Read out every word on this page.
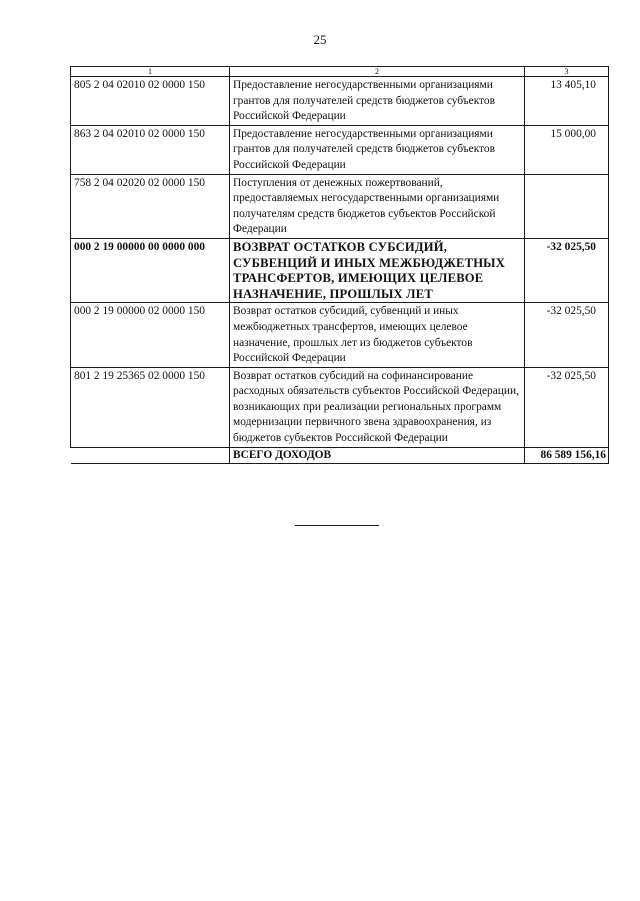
25
1	2	3
805 2 04 02010 02 0000 150	Предоставление негосударственными организациями грантов для получателей средств бюджетов субъектов Российской Федерации	13 405,10
863 2 04 02010 02 0000 150	Предоставление негосударственными организациями грантов для получателей средств бюджетов субъектов Российской Федерации	15 000,00
758 2 04 02020 02 0000 150	Поступления от денежных пожертвований, предоставляемых негосударственными организациями получателям средств бюджетов субъектов Российской Федерации	
000 2 19 00000 00 0000 000	ВОЗВРАТ ОСТАТКОВ СУБСИДИЙ, СУБВЕНЦИЙ И ИНЫХ МЕЖБЮДЖЕТНЫХ ТРАНСФЕРТОВ, ИМЕЮЩИХ ЦЕЛЕВОЕ НАЗНАЧЕНИЕ, ПРОШЛЫХ ЛЕТ	-32 025,50
000 2 19 00000 02 0000 150	Возврат остатков субсидий, субвенций и иных межбюджетных трансфертов, имеющих целевое назначение, прошлых лет из бюджетов субъектов Российской Федерации	-32 025,50
801 2 19 25365 02 0000 150	Возврат остатков субсидий на софинансирование расходных обязательств субъектов Российской Федерации, возникающих при реализации региональных программ модернизации первичного звена здравоохранения, из бюджетов субъектов Российской Федерации	-32 025,50
	ВСЕГО ДОХОДОВ	86 589 156,16
